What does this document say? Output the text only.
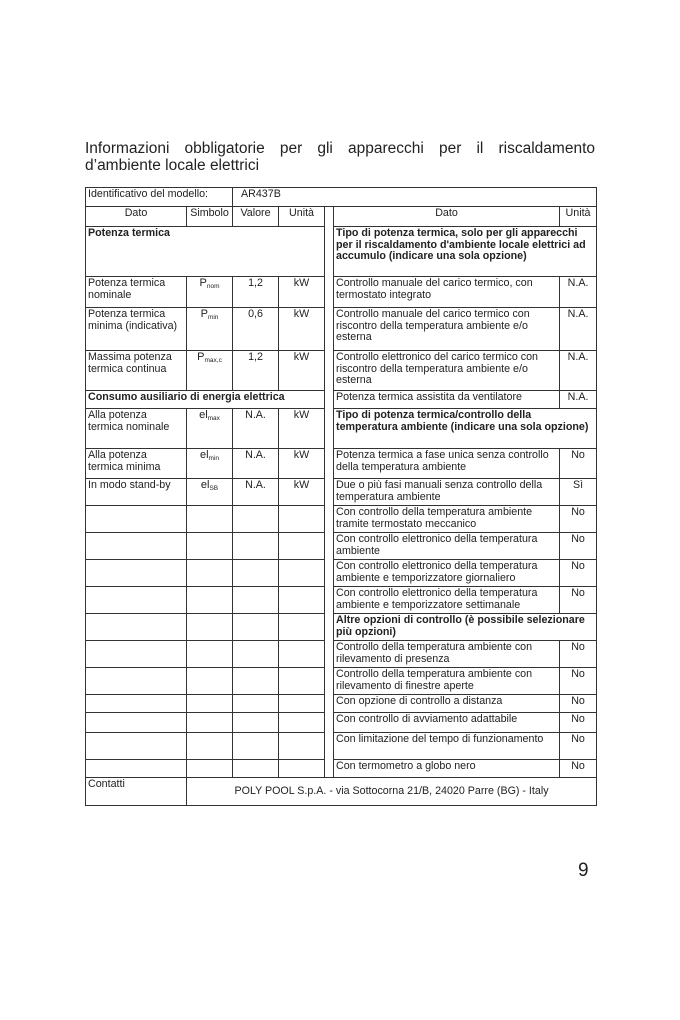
Informazioni obbligatorie per gli apparecchi per il riscaldamento
d’ambiente locale elettrici
Identificativo del modello:		AR437B				
Dato	Simbolo	Valore	Unità		Dato	Unità
Potenza termica					Tipo di potenza termica, solo per gli apparecchi per il riscaldamento d'ambiente locale elettrici ad accumulo (indicare una sola opzione)	
Potenza termica nominale	$P_{nom}$	1,2	kW		Controllo manuale del carico termico, con termostato integrato	N.A.
Potenza termica minima (indicativa)	$P_{min}$	0,6	kW		Controllo manuale del carico termico con riscontro della temperatura ambiente e/o esterna	N.A.
Massima potenza termica continua	$P_{max,c}$	1,2	kW		Controllo elettronico del carico termico con riscontro della temperatura ambiente e/o esterna	N.A.
Consumo ausiliario di energia elettrica					Potenza termica assistita da ventilatore	N.A.
Alla potenza termica nominale	$el_{max}$	N.A.	kW		Tipo di potenza termica/controllo della temperatura ambiente (indicare una sola opzione)	
Alla potenza termica minima	$el_{min}$	N.A.	kW		Potenza termica a fase unica senza controllo della temperatura ambiente	No
In modo stand-by	$el_{SB}$	N.A.	kW		Due o più fasi manuali senza controllo della temperatura ambiente	Sì
					Con controllo della temperatura ambiente tramite termostato meccanico	No
					Con controllo elettronico della temperatura ambiente	No
					Con controllo elettronico della temperatura ambiente e temporizzatore giornaliero	No
					Con controllo elettronico della temperatura ambiente e temporizzatore settimanale	No
					Altre opzioni di controllo (è possibile selezionare più opzioni)	
					Controllo della temperatura ambiente con rilevamento di presenza	No
					Controllo della temperatura ambiente con rilevamento di finestre aperte	No
					Con opzione di controllo a distanza	No
					Con controllo di avviamento adattabile	No
					Con limitazione del tempo di funzionamento	No
					Con termometro a globo nero	No
Contatti	POLY POOL S.p.A. - via Sottocorna 21/B, 24020 Parre (BG) - Italy					
9
